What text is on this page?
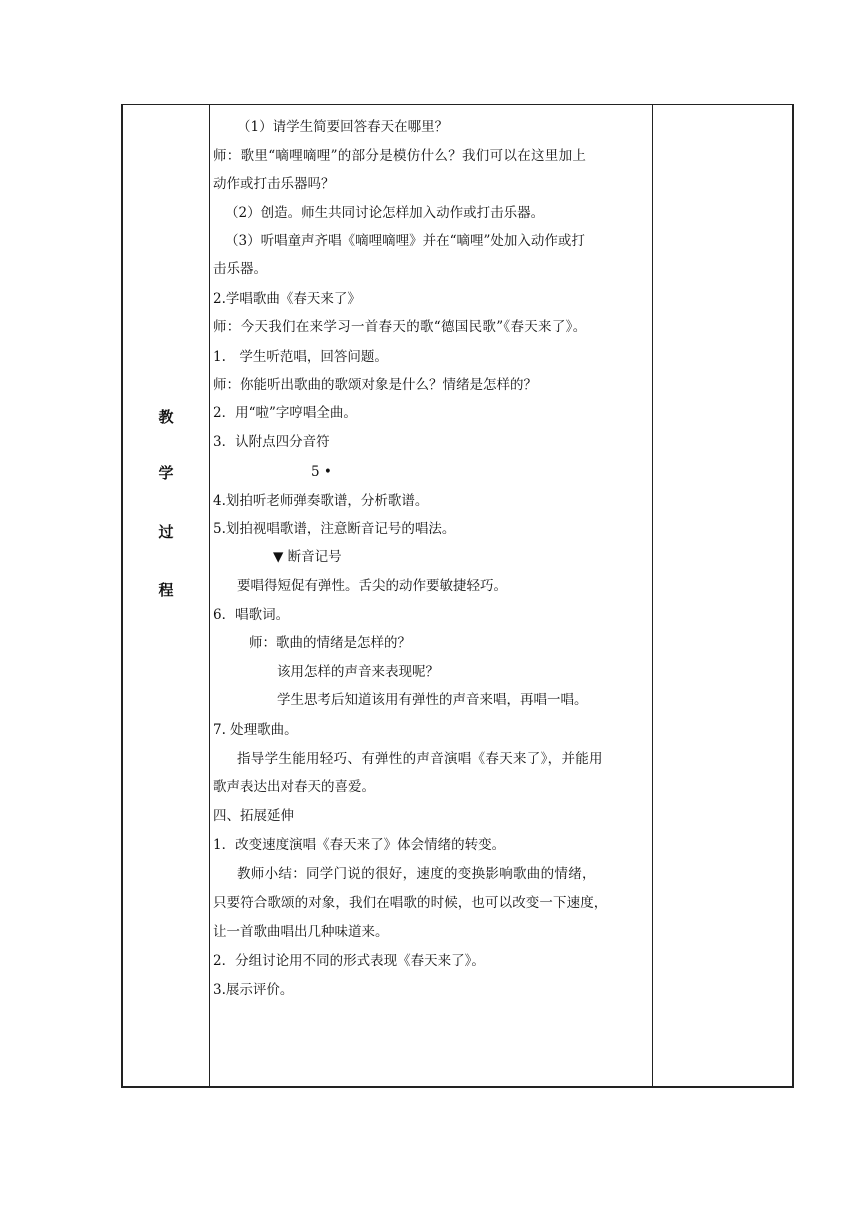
教
学
过
程
（1）请学生简要回答春天在哪里？
师：歌里“嘀哩嘀哩”的部分是模仿什么？我们可以在这里加上
动作或打击乐器吗？
（2）创造。师生共同讨论怎样加入动作或打击乐器。
（3）听唱童声齐唱《嘀哩嘀哩》并在“嘀哩”处加入动作或打
击乐器。
2.学唱歌曲《春天来了》
师：今天我们在来学习一首春天的歌“德国民歌”《春天来了》。
1.　学生听范唱，回答问题。
师：你能听出歌曲的歌颂对象是什么？情绪是怎样的？
2．用“啦”字哼唱全曲。
3．认附点四分音符
5 •
4.划拍听老师弹奏歌谱，分析歌谱。
5.划拍视唱歌谱，注意断音记号的唱法。
▼ 断音记号
要唱得短促有弹性。舌尖的动作要敏捷轻巧。
6．唱歌词。
师：歌曲的情绪是怎样的？
该用怎样的声音来表现呢？
学生思考后知道该用有弹性的声音来唱，再唱一唱。
7. 处理歌曲。
指导学生能用轻巧、有弹性的声音演唱《春天来了》，并能用
歌声表达出对春天的喜爱。
四、拓展延伸
1．改变速度演唱《春天来了》体会情绪的转变。
教师小结：同学门说的很好，速度的变换影响歌曲的情绪，
只要符合歌颂的对象，我们在唱歌的时候，也可以改变一下速度，
让一首歌曲唱出几种味道来。
2．分组讨论用不同的形式表现《春天来了》。
3.展示评价。
